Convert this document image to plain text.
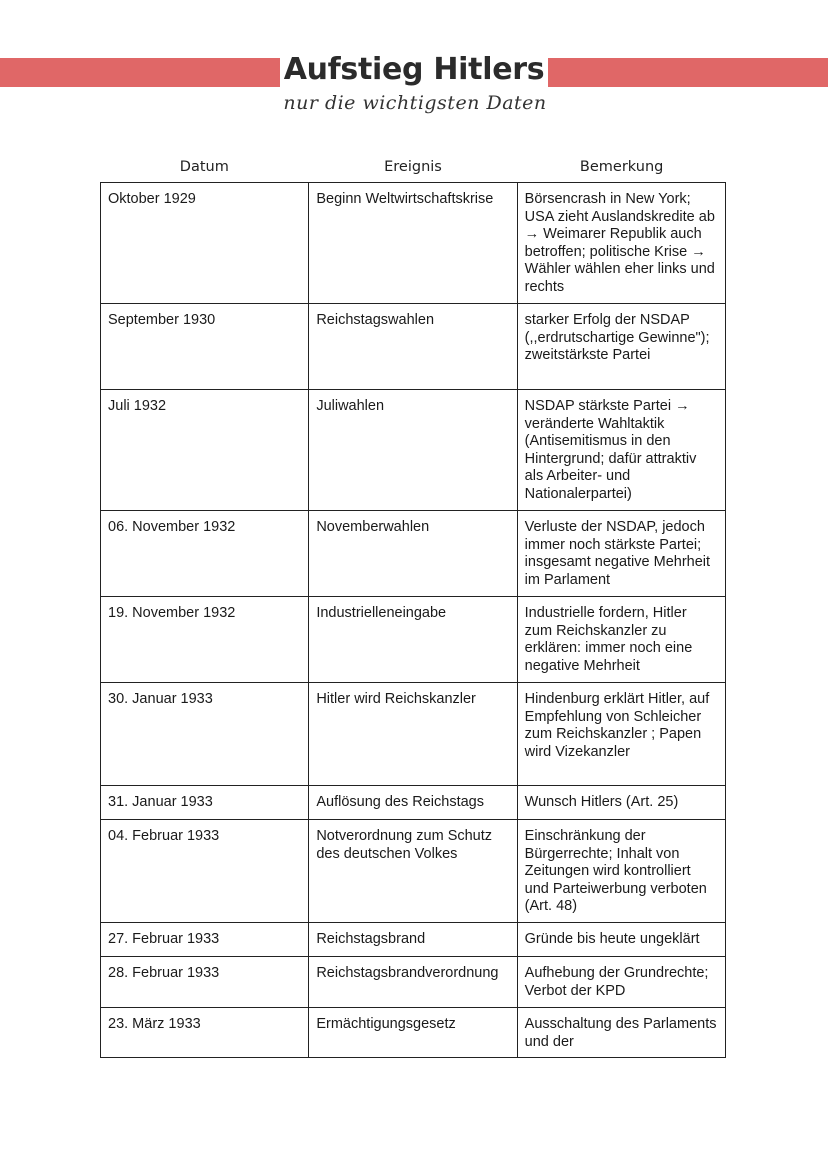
Aufstieg Hitlers
nur die wichtigsten Daten
Datum	Ereignis	Bemerkung
Oktober 1929	Beginn Weltwirtschaftskrise	Börsencrash in New York; USA zieht Auslandskredite ab → Weimarer Republik auch betroffen; politische Krise → Wähler wählen eher links und rechts
September 1930	Reichstagswahlen	starker Erfolg der NSDAP (,,erdrutschartige Gewinne"); zweitstärkste Partei
Juli 1932	Juliwahlen	NSDAP stärkste Partei → veränderte Wahltaktik (Antisemitismus in den Hintergrund; dafür attraktiv als Arbeiter- und Nationalerpartei)
06. November 1932	Novemberwahlen	Verluste der NSDAP, jedoch immer noch stärkste Partei; insgesamt negative Mehrheit im Parlament
19. November 1932	Industrielleneingabe	Industrielle fordern, Hitler zum Reichskanzler zu erklären: immer noch eine negative Mehrheit
30. Januar 1933	Hitler wird Reichskanzler	Hindenburg erklärt Hitler, auf Empfehlung von Schleicher zum Reichskanzler ; Papen wird Vizekanzler
31. Januar 1933	Auflösung des Reichstags	Wunsch Hitlers (Art. 25)
04. Februar 1933	Notverordnung zum Schutz des deutschen Volkes	Einschränkung der Bürgerrechte; Inhalt von Zeitungen wird kontrolliert und Parteiwerbung verboten (Art. 48)
27. Februar 1933	Reichstagsbrand	Gründe bis heute ungeklärt
28. Februar 1933	Reichstagsbrandverordnung	Aufhebung der Grundrechte; Verbot der KPD
23. März 1933	Ermächtigungsgesetz	Ausschaltung des Parlaments und der
